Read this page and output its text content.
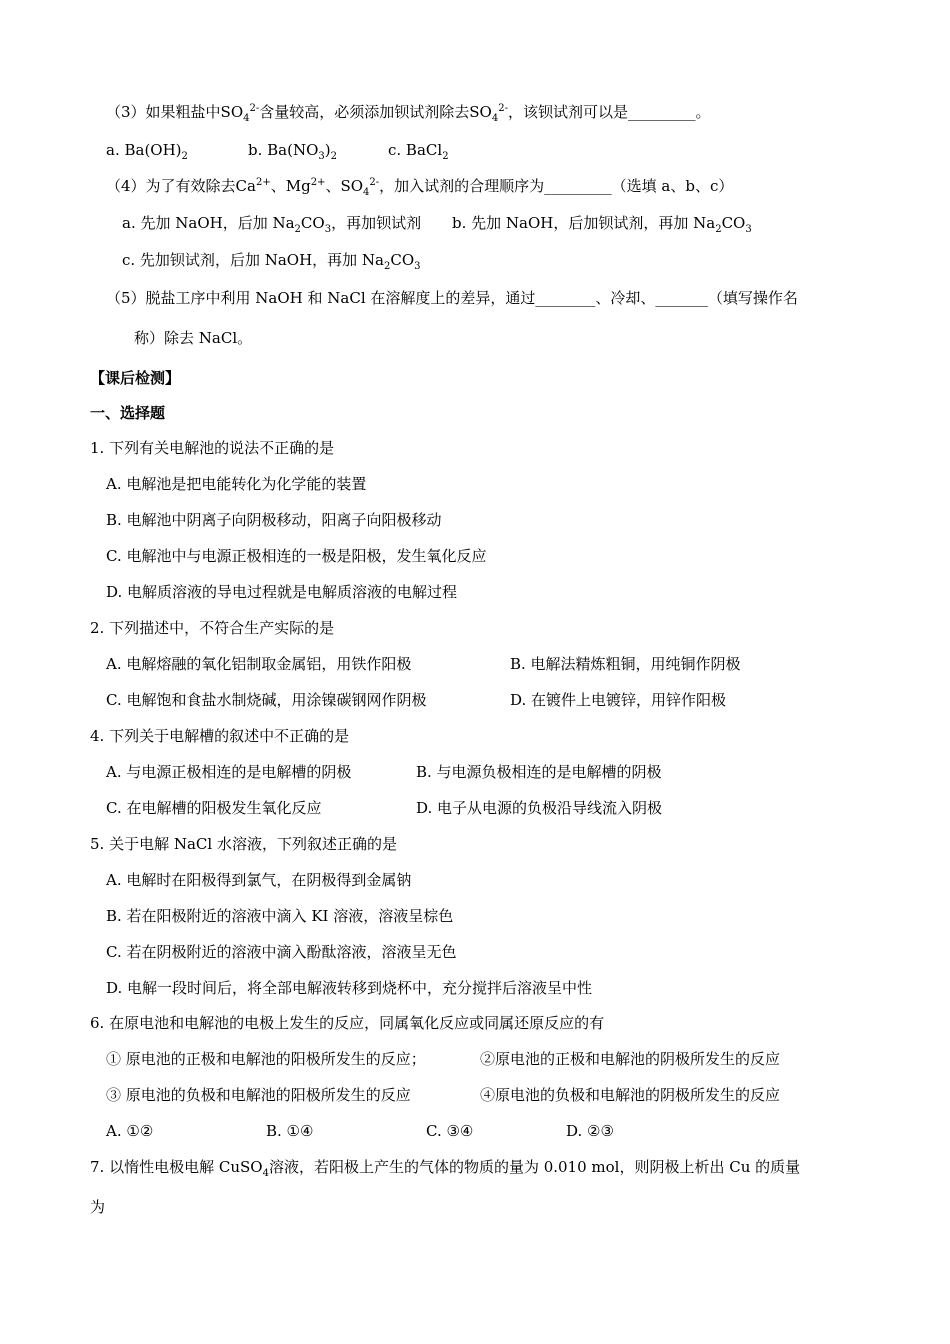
（3）如果粗盐中$SO_4^{2-}$含量较高，必须添加钡试剂除去$SO_4^{2-}$，该钡试剂可以是_________。
a. $Ba(OH)_2$	b. $Ba(NO_3)_2$	c. BaCl$_2$
（4）为了有效除去$Ca^{2+}$、$Mg^{2+}$、$SO_4^{2-}$，加入试剂的合理顺序为_________（选填 a、b、c）
a. 先加 NaOH，后加 $Na_2CO_3$，再加钡试剂 b. 先加 NaOH，后加钡试剂，再加 $Na_2CO_3$
c. 先加钡试剂，后加 NaOH，再加 $Na_2CO_3$
（5）脱盐工序中利用 NaOH 和 NaCl 在溶解度上的差异，通过________、冷却、_______（填写操作名
称）除去 NaCl。
【课后检测】
一、选择题
1. 下列有关电解池的说法不正确的是
A. 电解池是把电能转化为化学能的装置
B. 电解池中阴离子向阴极移动，阳离子向阳极移动
C. 电解池中与电源正极相连的一极是阳极，发生氧化反应
D. 电解质溶液的导电过程就是电解质溶液的电解过程
2. 下列描述中，不符合生产实际的是
A. 电解熔融的氧化铝制取金属铝，用铁作阳极	B. 电解法精炼粗铜，用纯铜作阴极
C. 电解饱和食盐水制烧碱，用涂镍碳钢网作阴极	D. 在镀件上电镀锌，用锌作阳极
4. 下列关于电解槽的叙述中不正确的是
A. 与电源正极相连的是电解槽的阴极	B. 与电源负极相连的是电解槽的阴极
C. 在电解槽的阳极发生氧化反应	D. 电子从电源的负极沿导线流入阴极
5. 关于电解 NaCl 水溶液，下列叙述正确的是
A. 电解时在阳极得到氯气，在阴极得到金属钠
B. 若在阳极附近的溶液中滴入 KI 溶液，溶液呈棕色
C. 若在阴极附近的溶液中滴入酚酞溶液，溶液呈无色
D. 电解一段时间后，将全部电解液转移到烧杯中，充分搅拌后溶液呈中性
6. 在原电池和电解池的电极上发生的反应，同属氧化反应或同属还原反应的有
① 原电池的正极和电解池的阳极所发生的反应；	②原电池的正极和电解池的阴极所发生的反应
③ 原电池的负极和电解池的阳极所发生的反应	④原电池的负极和电解池的阴极所发生的反应
A. ①②	B. ①④	C. ③④	D. ②③
7. 以惰性电极电解 CuSO$_4$溶液，若阳极上产生的气体的物质的量为 0.010 mol，则阴极上析出 Cu 的质量
为
